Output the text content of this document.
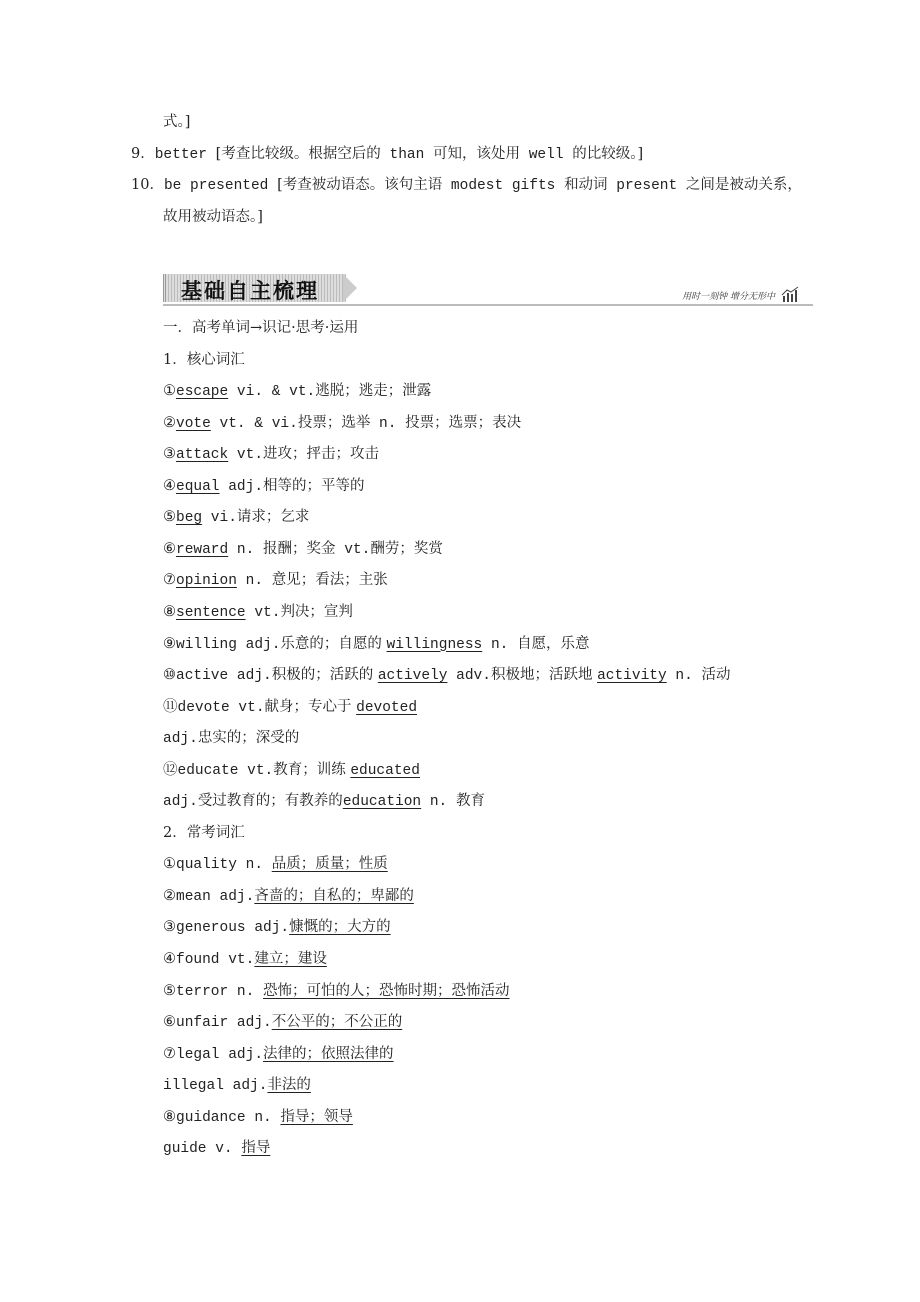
式。]
9．better [考查比较级。根据空后的 than 可知，该处用 well 的比较级。]
10．be presented [考查被动语态。该句主语 modest gifts 和动词 present 之间是被动关系，
故用被动语态。]
基础自主梳理	用时一刻钟 增分无形中
一．高考单词→识记·思考·运用
1．核心词汇
①escape vi. & vt.逃脱；逃走；泄露
②vote vt. & vi.投票；选举 n. 投票；选票；表决
③attack vt.进攻；抨击；攻击
④equal adj.相等的；平等的
⑤beg vi.请求；乞求
⑥reward n. 报酬；奖金 vt.酬劳；奖赏
⑦opinion n. 意见；看法；主张
⑧sentence vt.判决；宣判
⑨willing adj.乐意的；自愿的 willingness n. 自愿，乐意
⑩active adj.积极的；活跃的 actively adv.积极地；活跃地 activity n. 活动
⑪devote vt.献身；专心于 devoted
adj.忠实的；深受的
⑫educate vt.教育；训练 educated
adj.受过教育的；有教养的education n. 教育
2．常考词汇
①quality n. 品质；质量；性质
②mean adj.吝啬的；自私的；卑鄙的
③generous adj.慷慨的；大方的
④found vt.建立；建设
⑤terror n. 恐怖；可怕的人；恐怖时期；恐怖活动
⑥unfair adj.不公平的；不公正的
⑦legal adj.法律的；依照法律的
illegal adj.非法的
⑧guidance n. 指导；领导
guide v. 指导
